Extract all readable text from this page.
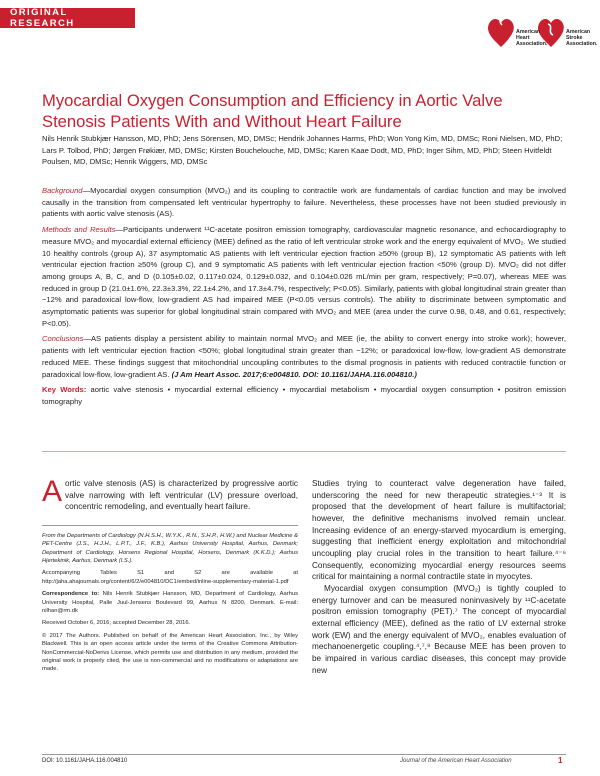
ORIGINAL RESEARCH
American
Heart
Association.
American
Stroke
Association.
Myocardial Oxygen Consumption and Efficiency in Aortic Valve Stenosis Patients With and Without Heart Failure
Nils Henrik Stubkjær Hansson, MD, PhD; Jens Sörensen, MD, DMSc; Hendrik Johannes Harms, PhD; Won Yong Kim, MD, DMSc; Roni Nielsen, MD, PhD; Lars P. Tolbod, PhD; Jørgen Frøkiær, MD, DMSc; Kirsten Bouchelouche, MD, DMSc; Karen Kaae Dodt, MD, PhD; Inger Sihm, MD, PhD; Steen Hvitfeldt Poulsen, MD, DMSc; Henrik Wiggers, MD, DMSc

Background—Myocardial oxygen consumption (MVO₂) and its coupling to contractile work are fundamentals of cardiac function and may be involved causally in the transition from compensated left ventricular hypertrophy to failure. Nevertheless, these processes have not been studied previously in patients with aortic valve stenosis (AS).

Methods and Results—Participants underwent ¹¹C-acetate positron emission tomography, cardiovascular magnetic resonance, and echocardiography to measure MVO₂ and myocardial external efficiency (MEE) defined as the ratio of left ventricular stroke work and the energy equivalent of MVO₂. We studied 10 healthy controls (group A), 37 asymptomatic AS patients with left ventricular ejection fraction ≥50% (group B), 12 symptomatic AS patients with left ventricular ejection fraction ≥50% (group C), and 9 symptomatic AS patients with left ventricular ejection fraction <50% (group D). MVO₂ did not differ among groups A, B, C, and D (0.105±0.02, 0.117±0.024, 0.129±0.032, and 0.104±0.026 mL/min per gram, respectively; P=0.07), whereas MEE was reduced in group D (21.0±1.6%, 22.3±3.3%, 22.1±4.2%, and 17.3±4.7%, respectively; P<0.05). Similarly, patients with global longitudinal strain greater than −12% and paradoxical low-flow, low-gradient AS had impaired MEE (P<0.05 versus controls). The ability to discriminate between symptomatic and asymptomatic patients was superior for global longitudinal strain compared with MVO₂ and MEE (area under the curve 0.98, 0.48, and 0.61, respectively; P<0.05).

Conclusions—AS patients display a persistent ability to maintain normal MVO₂ and MEE (ie, the ability to convert energy into stroke work); however, patients with left ventricular ejection fraction <50%; global longitudinal strain greater than −12%; or paradoxical low-flow, low-gradient AS demonstrate reduced MEE. These findings suggest that mitochondrial uncoupling contributes to the dismal prognosis in patients with reduced contractile function or paradoxical low-flow, low-gradient AS. (J Am Heart Assoc. 2017;6:e004810. DOI: 10.1161/JAHA.116.004810.)

Key Words: aortic valve stenosis • myocardial external efficiency • myocardial metabolism • myocardial oxygen consumption • positron emission tomography

Aortic valve stenosis (AS) is characterized by progressive aortic valve narrowing with left ventricular (LV) pressure overload, concentric remodeling, and eventually heart failure.

From the Departments of Cardiology (N.H.S.H., W.Y.K., R.N., S.H.P., H.W.) and Nuclear Medicine & PET-Centre (J.S., H.J.H., L.P.T., J.F., K.B.), Aarhus University Hospital, Aarhus, Denmark; Department of Cardiology, Horsens Regional Hospital, Horsens, Denmark (K.K.D.); Aarhus Hjertekinik, Aarhus, Denmark (I.S.).

Accompanying Tables S1 and S2 are available at http://jaha.ahajournals.org/content/6/2/e004810/DC1/embed/inline-supplementary-material-1.pdf

Correspondence to: Nils Henrik Stubkjær Hansson, MD, Department of Cardiology, Aarhus University Hospital, Palle Juul-Jensens Boulevard 99, Aarhus N 8200, Denmark. E-mail: nilhan@rm.dk

Received October 6, 2016; accepted December 28, 2016.

© 2017 The Authors. Published on behalf of the American Heart Association, Inc., by Wiley Blackwell. This is an open access article under the terms of the Creative Commons Attribution-NonCommercial-NoDerivs License, which permits use and distribution in any medium, provided the original work is properly cited, the use is non-commercial and no modifications or adaptations are made.

Studies trying to counteract valve degeneration have failed, underscoring the need for new therapeutic strategies.¹⁻³ It is proposed that the development of heart failure is multifactorial; however, the definitive mechanisms involved remain unclear. Increasing evidence of an energy-starved myocardium is emerging, suggesting that inefficient energy exploitation and mitochondrial uncoupling play crucial roles in the transition to heart failure.⁴⁻⁶ Consequently, economizing myocardial energy resources seems critical for maintaining a normal contractile state in myocytes.

Myocardial oxygen consumption (MVO₂) is tightly coupled to energy turnover and can be measured noninvasively by ¹¹C-acetate positron emission tomography (PET).⁷ The concept of myocardial external efficiency (MEE), defined as the ratio of LV external stroke work (EW) and the energy equivalent of MVO₂, enables evaluation of mechanoenergetic coupling.⁴,⁷,⁸ Because MEE has been proven to be impaired in various cardiac diseases, this concept may provide new

DOI: 10.1161/JAHA.116.004810	Journal of the American Heart Association	1
